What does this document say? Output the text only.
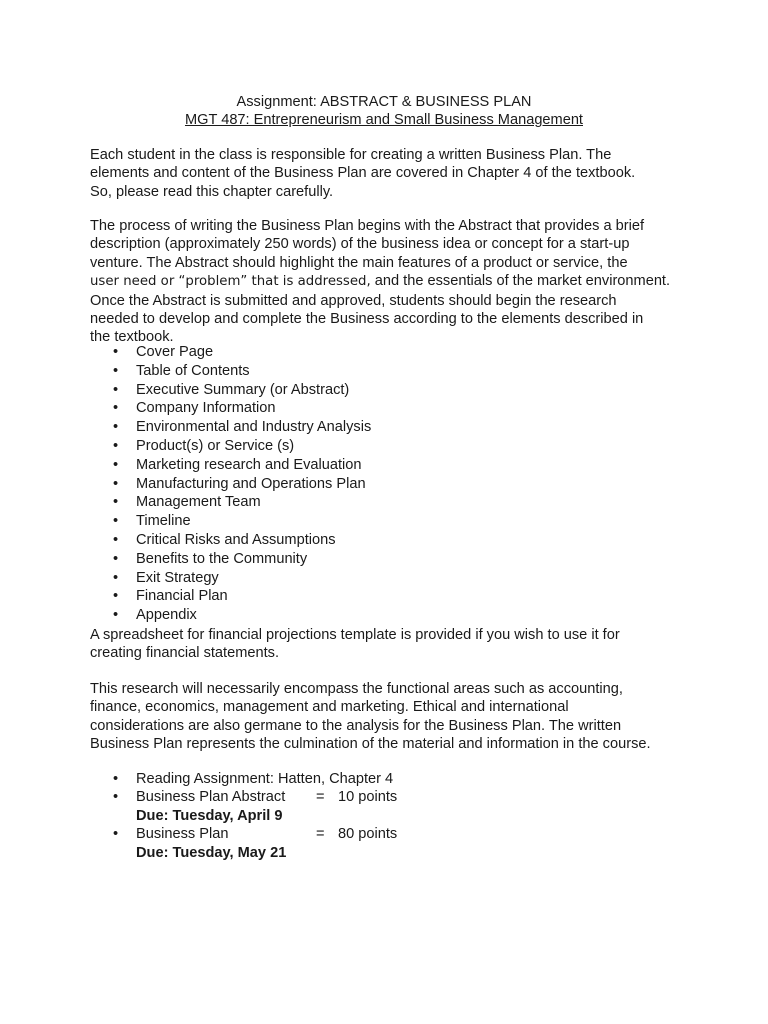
Assignment: ABSTRACT & BUSINESS PLAN
MGT 487: Entrepreneurism and Small Business Management
Each student in the class is responsible for creating a written Business Plan. The
elements and content of the Business Plan are covered in Chapter 4 of the textbook.
So, please read this chapter carefully.
The process of writing the Business Plan begins with the Abstract that provides a brief
description (approximately 250 words) of the business idea or concept for a start-up
venture. The Abstract should highlight the main features of a product or service, the
user need or “problem” that is addressed, and the essentials of the market environment.
Once the Abstract is submitted and approved, students should begin the research
needed to develop and complete the Business according to the elements described in
the textbook.
• Cover Page
• Table of Contents
• Executive Summary (or Abstract)
• Company Information
• Environmental and Industry Analysis
• Product(s) or Service (s)
• Marketing research and Evaluation
• Manufacturing and Operations Plan
• Management Team
• Timeline
• Critical Risks and Assumptions
• Benefits to the Community
• Exit Strategy
• Financial Plan
• Appendix
A spreadsheet for financial projections template is provided if you wish to use it for
creating financial statements.
This research will necessarily encompass the functional areas such as accounting,
finance, economics, management and marketing. Ethical and international
considerations are also germane to the analysis for the Business Plan. The written
Business Plan represents the culmination of the material and information in the course.
• Reading Assignment: Hatten, Chapter 4
• Business Plan Abstract = 10 points
Due: Tuesday, April 9
• Business Plan	= 80 points
Due: Tuesday, May 21
